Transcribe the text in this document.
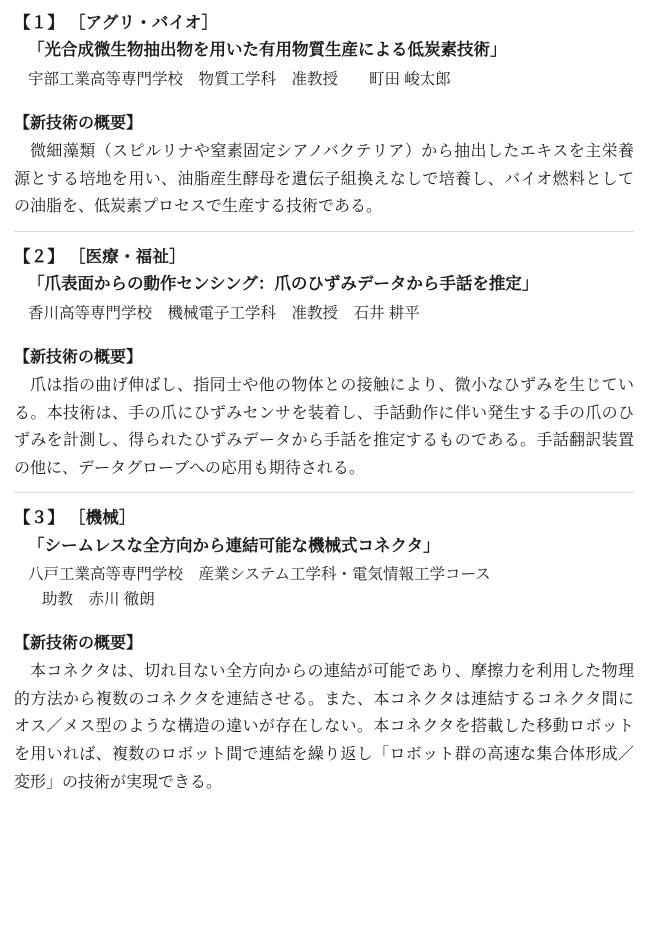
【１】 ［アグリ・バイオ］

「光合成微生物抽出物を用いた有用物質生産による低炭素技術」

宇部工業高等専門学校　物質工学科　准教授　　町田 峻太郎

【新技術の概要】

微細藻類（スピルリナや窒素固定シアノバクテリア）から抽出したエキスを主栄養源とする培地を用い、油脂産生酵母を遺伝子組換えなしで培養し、バイオ燃料としての油脂を、低炭素プロセスで生産する技術である。

【２】 ［医療・福祉］

「爪表面からの動作センシング：爪のひずみデータから手話を推定」

香川高等専門学校　機械電子工学科　准教授　石井 耕平

【新技術の概要】

爪は指の曲げ伸ばし、指同士や他の物体との接触により、微小なひずみを生じている。本技術は、手の爪にひずみセンサを装着し、手話動作に伴い発生する手の爪のひずみを計測し、得られたひずみデータから手話を推定するものである。手話翻訳装置の他に、データグローブへの応用も期待される。

【３】 ［機械］

「シームレスな全方向から連結可能な機械式コネクタ」

八戸工業高等専門学校　産業システム工学科・電気情報工学コース

助教　赤川 徹朗

【新技術の概要】

本コネクタは、切れ目ない全方向からの連結が可能であり、摩擦力を利用した物理的方法から複数のコネクタを連結させる。また、本コネクタは連結するコネクタ間にオス／メス型のような構造の違いが存在しない。本コネクタを搭載した移動ロボットを用いれば、複数のロボット間で連結を繰り返し「ロボット群の高速な集合体形成／変形」の技術が実現できる。
